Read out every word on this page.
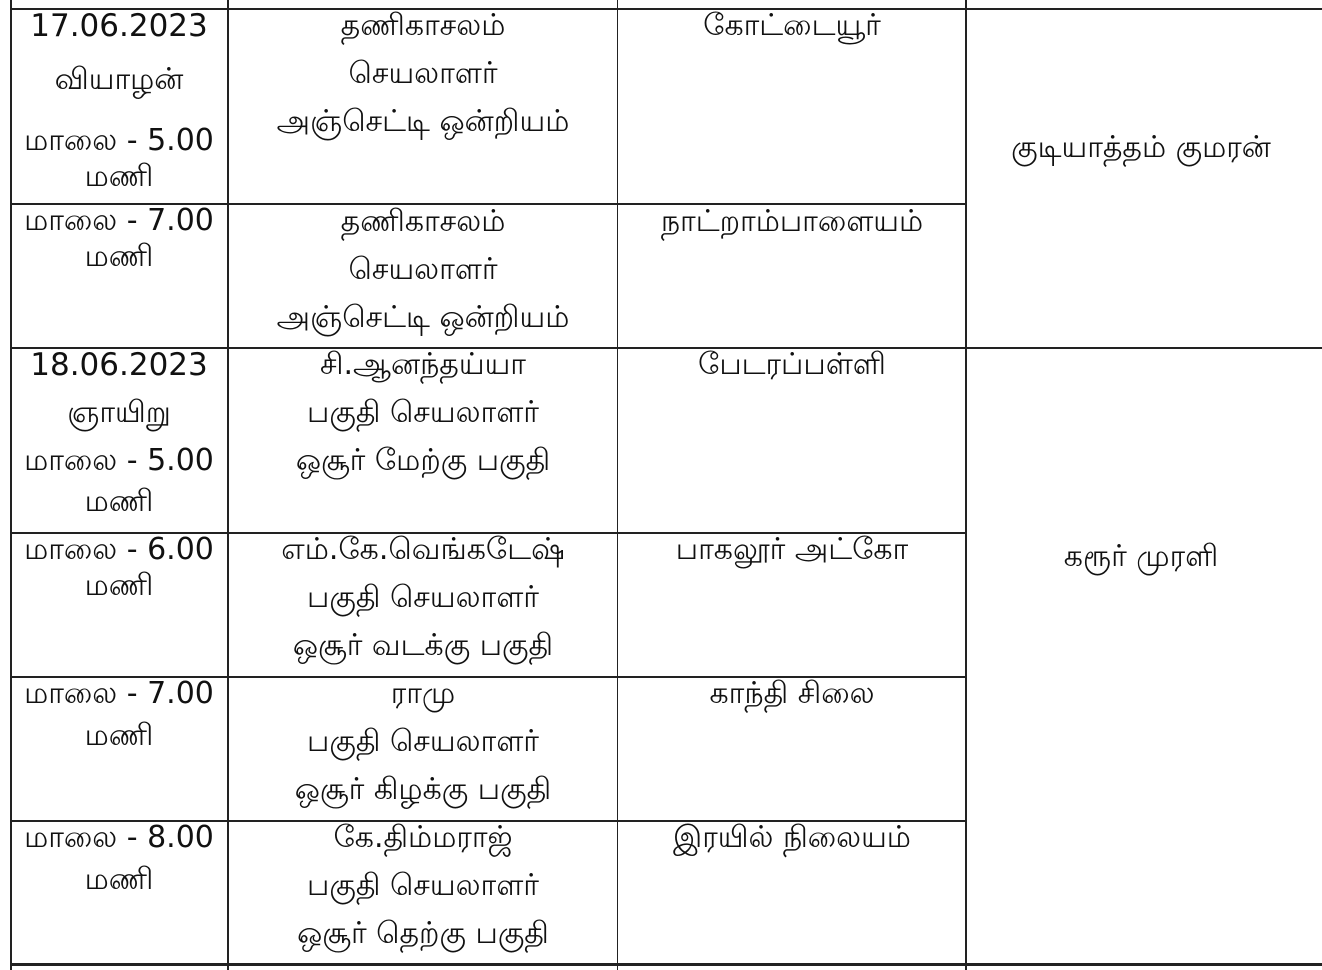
17.06.2023
வியாழன்
மாலை - 5.00
மணி
தணிகாசலம்
செயலாளர்
அஞ்செட்டி ஒன்றியம்
கோட்டையூர்
மாலை - 7.00
மணி
தணிகாசலம்
செயலாளர்
அஞ்செட்டி ஒன்றியம்
நாட்றாம்பாளையம்
18.06.2023
ஞாயிறு
மாலை - 5.00
மணி
சி.ஆனந்தய்யா
பகுதி செயலாளர்
ஒசூர் மேற்கு பகுதி
பேடரப்பள்ளி
மாலை - 6.00
மணி
எம்.கே.வெங்கடேஷ்
பகுதி செயலாளர்
ஒசூர் வடக்கு பகுதி
பாகலூர் அட்கோ
மாலை - 7.00
மணி
ராமு
பகுதி செயலாளர்
ஒசூர் கிழக்கு பகுதி
காந்தி சிலை
மாலை - 8.00
மணி
கே.திம்மராஜ்
பகுதி செயலாளர்
ஒசூர் தெற்கு பகுதி
இரயில் நிலையம்
குடியாத்தம் குமரன்
கரூர் முரளி
